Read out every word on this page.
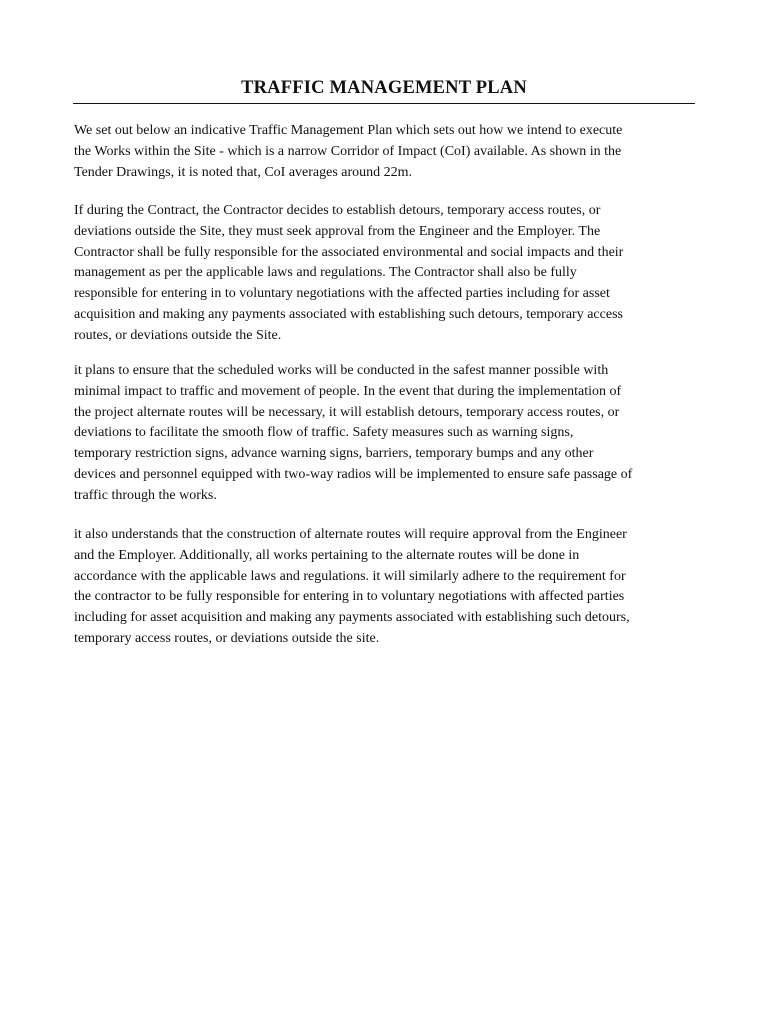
TRAFFIC MANAGEMENT PLAN

We set out below an indicative Traffic Management Plan which sets out how we intend to execute
the Works within the Site - which is a narrow Corridor of Impact (CoI) available. As shown in the
Tender Drawings, it is noted that, CoI averages around 22m.

If during the Contract, the Contractor decides to establish detours, temporary access routes, or
deviations outside the Site, they must seek approval from the Engineer and the Employer. The
Contractor shall be fully responsible for the associated environmental and social impacts and their
management as per the applicable laws and regulations. The Contractor shall also be fully
responsible for entering in to voluntary negotiations with the affected parties including for asset
acquisition and making any payments associated with establishing such detours, temporary access
routes, or deviations outside the Site.

it plans to ensure that the scheduled works will be conducted in the safest manner possible with
minimal impact to traffic and movement of people. In the event that during the implementation of
the project alternate routes will be necessary, it will establish detours, temporary access routes, or
deviations to facilitate the smooth flow of traffic. Safety measures such as warning signs,
temporary restriction signs, advance warning signs, barriers, temporary bumps and any other
devices and personnel equipped with two-way radios will be implemented to ensure safe passage of
traffic through the works.

it also understands that the construction of alternate routes will require approval from the Engineer
and the Employer. Additionally, all works pertaining to the alternate routes will be done in
accordance with the applicable laws and regulations. it will similarly adhere to the requirement for
the contractor to be fully responsible for entering in to voluntary negotiations with affected parties
including for asset acquisition and making any payments associated with establishing such detours,
temporary access routes, or deviations outside the site.
